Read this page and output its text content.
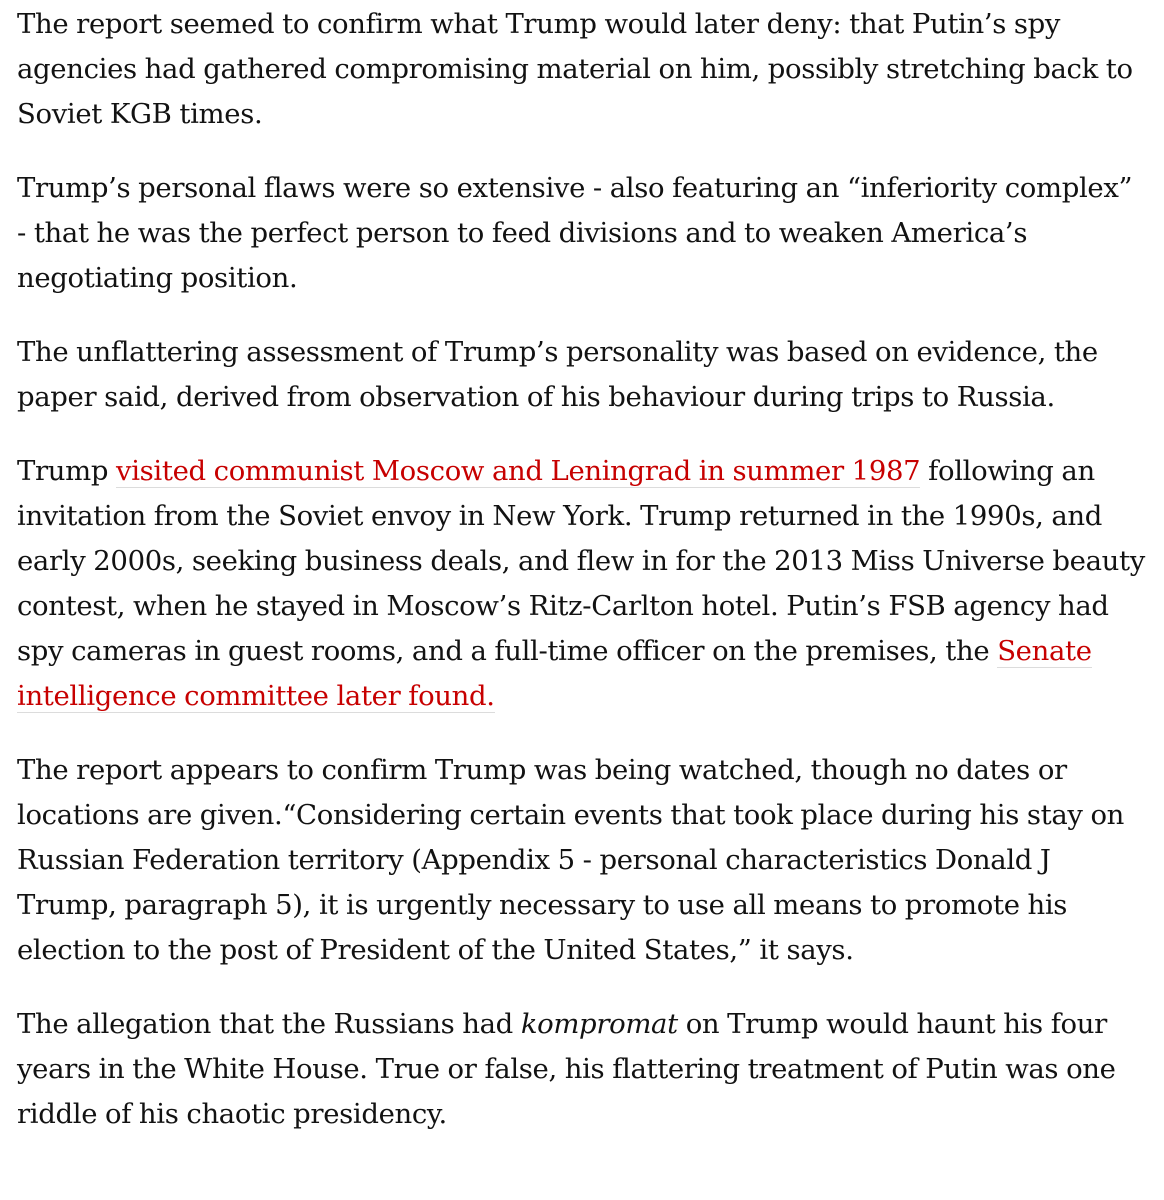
The report seemed to confirm what Trump would later deny: that Putin’s spy agencies had gathered compromising material on him, possibly stretching back to Soviet KGB times.

Trump’s personal flaws were so extensive - also featuring an “inferiority complex” - that he was the perfect person to feed divisions and to weaken America’s negotiating position.

The unflattering assessment of Trump’s personality was based on evidence, the paper said, derived from observation of his behaviour during trips to Russia.

Trump visited communist Moscow and Leningrad in summer 1987 following an invitation from the Soviet envoy in New York. Trump returned in the 1990s, and early 2000s, seeking business deals, and flew in for the 2013 Miss Universe beauty contest, when he stayed in Moscow’s Ritz-Carlton hotel. Putin’s FSB agency had spy cameras in guest rooms, and a full-time officer on the premises, the Senate intelligence committee later found.

The report appears to confirm Trump was being watched, though no dates or locations are given.“Considering certain events that took place during his stay on Russian Federation territory (Appendix 5 - personal characteristics Donald J Trump, paragraph 5), it is urgently necessary to use all means to promote his election to the post of President of the United States,” it says.

The allegation that the Russians had kompromat on Trump would haunt his four years in the White House. True or false, his flattering treatment of Putin was one riddle of his chaotic presidency.
